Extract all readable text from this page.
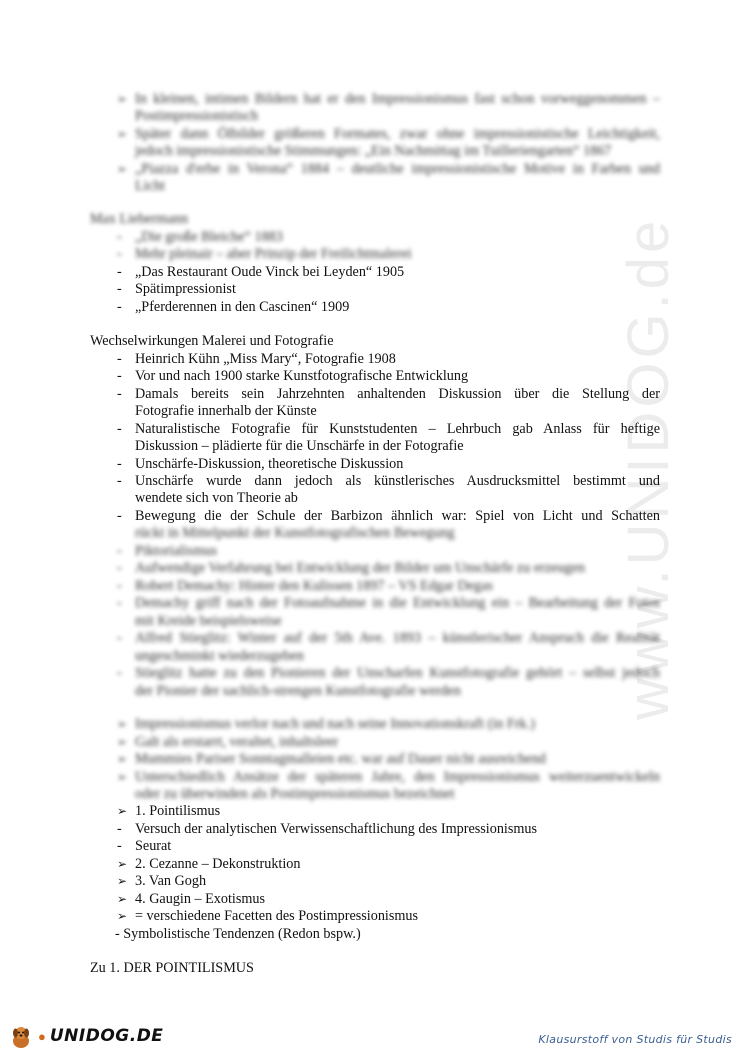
www.UNIDOG.de
➢ In kleinen, intimen Bildern hat er den Impressionismus fast schon vorweggenommen –
Postimpressionistisch
➢ Später dann Ölbilder größeren Formates, zwar ohne impressionistische Leichtigkeit,
jedoch impressionistische Stimmungen: „Ein Nachmittag im Tuilleriengarten“ 1867
➢ „Piazza d'erbe in Verona“ 1884 – deutliche impressionistische Motive in Farben und
Licht
Max Liebermann
- „Die große Bleiche“ 1883
- Mehr pleinair – aber Prinzip der Freilichtmalerei
- „Das Restaurant Oude Vinck bei Leyden“ 1905
- Spätimpressionist
- „Pferderennen in den Cascinen“ 1909
Wechselwirkungen Malerei und Fotografie
- Heinrich Kühn „Miss Mary“, Fotografie 1908
- Vor und nach 1900 starke Kunstfotografische Entwicklung
- Damals bereits sein Jahrzehnten anhaltenden Diskussion über die Stellung der
Fotografie innerhalb der Künste
- Naturalistische Fotografie für Kunststudenten – Lehrbuch gab Anlass für heftige
Diskussion – plädierte für die Unschärfe in der Fotografie
- Unschärfe-Diskussion, theoretische Diskussion
- Unschärfe wurde dann jedoch als künstlerisches Ausdrucksmittel bestimmt und
wendete sich von Theorie ab
- Bewegung die der Schule der Barbizon ähnlich war: Spiel von Licht und Schatten
rückt in Mittelpunkt der Kunstfotografischen Bewegung
- Piktorialismus
- Aufwendige Verfahrung bei Entwicklung der Bilder um Unschärfe zu erzeugen
- Robert Demachy: Hinter den Kulissen 1897 – VS Edgar Degas
- Demachy griff nach der Fotoaufnahme in die Entwicklung ein – Bearbeitung der Fotos
mit Kreide beispielsweise
- Alfred Stieglitz: Winter auf der 5th Ave. 1893 – künstlerischer Anspruch die Realität
ungeschminkt wiederzugeben
- Stieglitz hatte zu den Pionieren der Unscharfen Kunstfotografie gehört – selbst jedoch
der Pionier der sachlich-strengen Kunstfotografie werden
➢ Impressionismus verlor nach und nach seine Innovationskraft (in Frk.)
➢ Galt als erstarrt, veraltet, inhaltsleer
➢ Mummies Pariser Sonntagmalleien etc. war auf Dauer nicht ausreichend
➢ Unterschiedlich Ansätze der späteren Jahre, den Impressionismus weiterzuentwickeln
oder zu überwinden als Postimpressionismus bezeichnet
➢ 1. Pointilismus
- Versuch der analytischen Verwissenschaftlichung des Impressionismus
- Seurat
➢ 2. Cezanne – Dekonstruktion
➢ 3. Van Gogh
➢ 4. Gaugin – Exotismus
➢ = verschiedene Facetten des Postimpressionismus
- Symbolistische Tendenzen (Redon bspw.)
Zu 1. DER POINTILISMUS
● UNIDOG.DE	Klausurstoff von Studis für Studis
